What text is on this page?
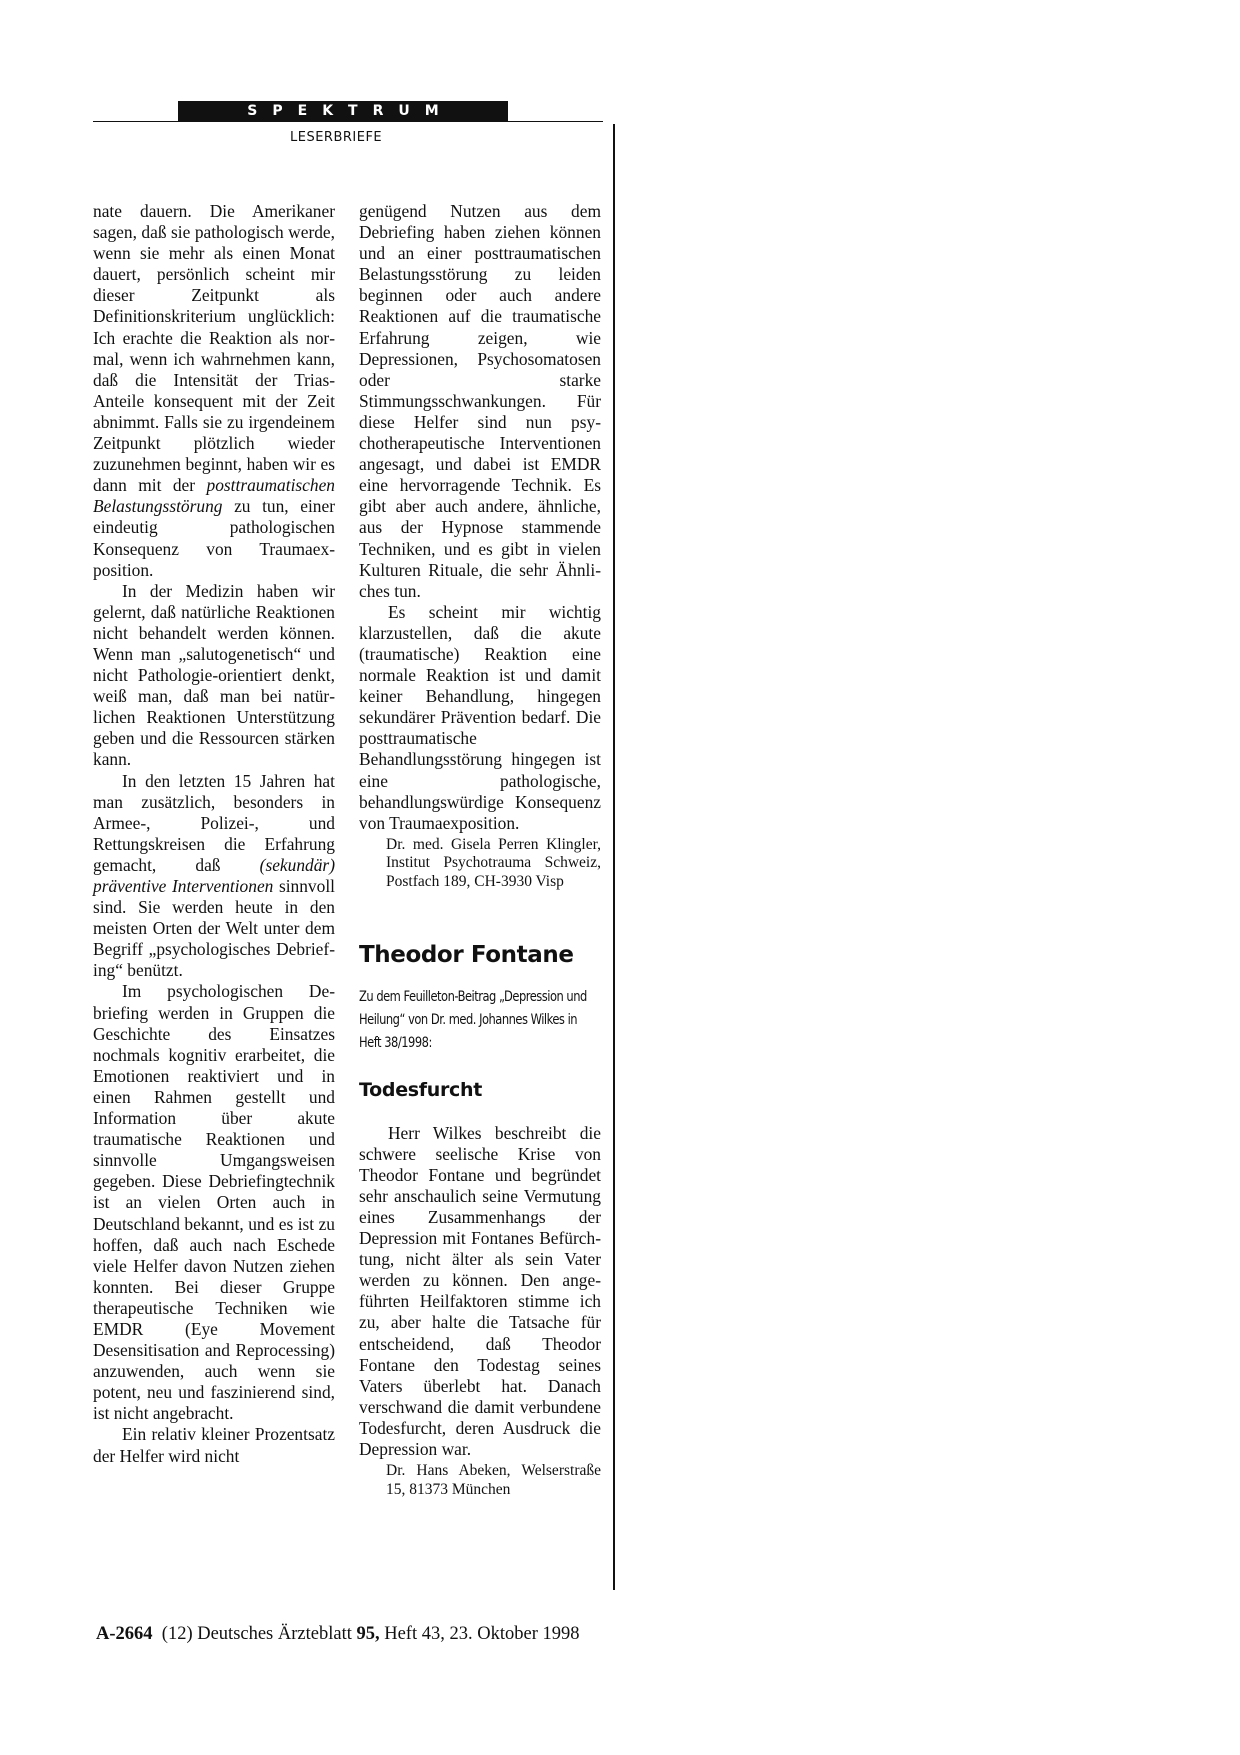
SPEKTRUM
LESERBRIEFE

nate dauern. Die Amerikaner sagen, daß sie pathologisch werde, wenn sie mehr als einen Monat dauert, persönlich scheint mir dieser Zeitpunkt als Definitionskriterium unglücklich: Ich erachte die Reaktion als normal, wenn ich wahrnehmen kann, daß die Intensität der Trias-Anteile konsequent mit der Zeit abnimmt. Falls sie zu irgendeinem Zeitpunkt plötzlich wieder zuzunehmen beginnt, haben wir es dann mit der posttraumatischen Belastungsstörung zu tun, einer eindeutig pathologischen Konsequenz von Traumaexposition.

In der Medizin haben wir gelernt, daß natürliche Reaktionen nicht behandelt werden können. Wenn man „salutogenetisch“ und nicht Pathologie-orientiert denkt, weiß man, daß man bei natürlichen Reaktionen Unterstützung geben und die Ressourcen stärken kann.

In den letzten 15 Jahren hat man zusätzlich, besonders in Armee-, Polizei-, und Rettungskreisen die Erfahrung gemacht, daß (sekundär) präventive Interventionen sinnvoll sind. Sie werden heute in den meisten Orten der Welt unter dem Begriff „psychologisches Debriefing“ benützt.

Im psychologischen Debriefing werden in Gruppen die Geschichte des Einsatzes nochmals kognitiv erarbeitet, die Emotionen reaktiviert und in einen Rahmen gestellt und Information über akute traumatische Reaktionen und sinnvolle Umgangsweisen gegeben. Diese Debriefingtechnik ist an vielen Orten auch in Deutschland bekannt, und es ist zu hoffen, daß auch nach Eschede viele Helfer davon Nutzen ziehen konnten. Bei dieser Gruppe therapeutische Techniken wie EMDR (Eye Movement Desensitisation and Reprocessing) anzuwenden, auch wenn sie potent, neu und faszinierend sind, ist nicht angebracht.

Ein relativ kleiner Prozentsatz der Helfer wird nicht

genügend Nutzen aus dem Debriefing haben ziehen können und an einer posttraumatischen Belastungsstörung zu leiden beginnen oder auch andere Reaktionen auf die traumatische Erfahrung zeigen, wie Depressionen, Psychosomatosen oder starke Stimmungsschwankungen. Für diese Helfer sind nun psychotherapeutische Interventionen angesagt, und dabei ist EMDR eine hervorragende Technik. Es gibt aber auch andere, ähnliche, aus der Hypnose stammende Techniken, und es gibt in vielen Kulturen Rituale, die sehr Ähnliches tun.

Es scheint mir wichtig klarzustellen, daß die akute (traumatische) Reaktion eine normale Reaktion ist und damit keiner Behandlung, hingegen sekundärer Prävention bedarf. Die posttraumatische Behandlungsstörung hingegen ist eine pathologische, behandlungswürdige Konsequenz von Traumaexposition.

Dr. med. Gisela Perren Klingler, Institut Psychotrauma Schweiz, Postfach 189, CH-3930 Visp
Theodor Fontane
Zu dem Feuilleton-Beitrag „Depression und Heilung“ von Dr. med. Johannes Wilkes in Heft 38/1998:
Todesfurcht

Herr Wilkes beschreibt die schwere seelische Krise von Theodor Fontane und begründet sehr anschaulich seine Vermutung eines Zusammenhangs der Depression mit Fontanes Befürchtung, nicht älter als sein Vater werden zu können. Den angeführten Heilfaktoren stimme ich zu, aber halte die Tatsache für entscheidend, daß Theodor Fontane den Todestag seines Vaters überlebt hat. Danach verschwand die damit verbundene Todesfurcht, deren Ausdruck die Depression war.

Dr. Hans Abeken, Welserstraße 15, 81373 München
A-2664 (12) Deutsches Ärzteblatt 95, Heft 43, 23. Oktober 1998
